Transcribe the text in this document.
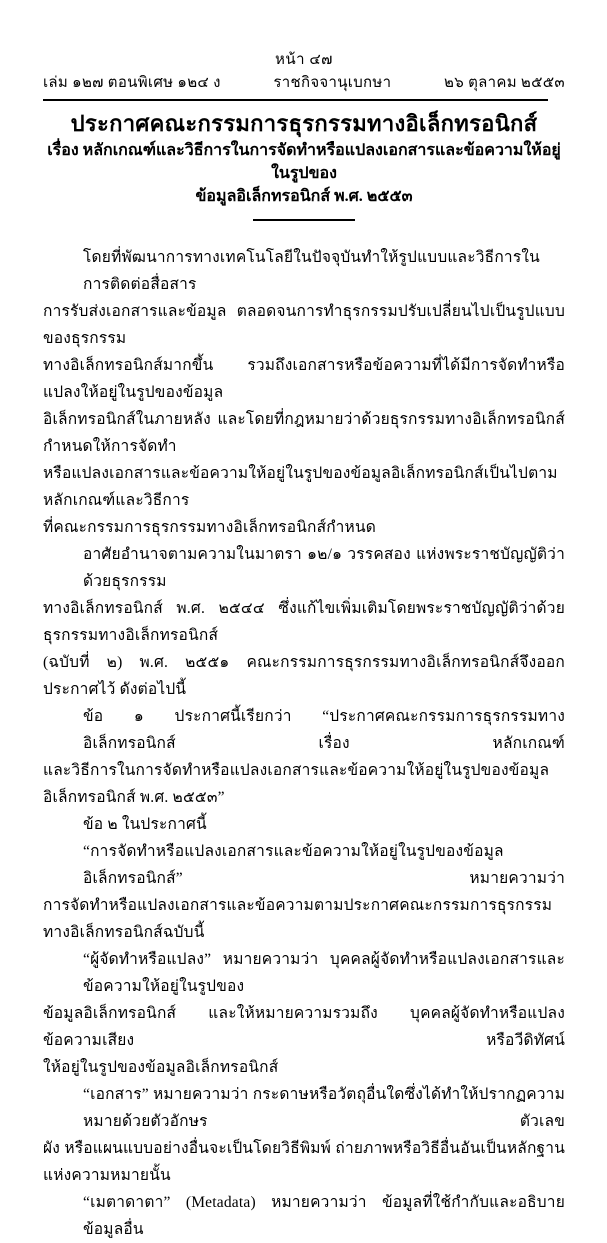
หน้า ๔๗
เล่ม ๑๒๗ ตอนพิเศษ ๑๒๔ ง	ราชกิจจานุเบกษา	๒๖ ตุลาคม ๒๕๕๓
ประกาศคณะกรรมการธุรกรรมทางอิเล็กทรอนิกส์
เรื่อง หลักเกณฑ์และวิธีการในการจัดทำหรือแปลงเอกสารและข้อความให้อยู่ในรูปของ
ข้อมูลอิเล็กทรอนิกส์ พ.ศ. ๒๕๕๓
โดยที่พัฒนาการทางเทคโนโลยีในปัจจุบันทำให้รูปแบบและวิธีการในการติดต่อสื่อสาร
การรับส่งเอกสารและข้อมูล ตลอดจนการทำธุรกรรมปรับเปลี่ยนไปเป็นรูปแบบของธุรกรรม
ทางอิเล็กทรอนิกส์มากขึ้น รวมถึงเอกสารหรือข้อความที่ได้มีการจัดทำหรือแปลงให้อยู่ในรูปของข้อมูล
อิเล็กทรอนิกส์ในภายหลัง และโดยที่กฎหมายว่าด้วยธุรกรรมทางอิเล็กทรอนิกส์กำหนดให้การจัดทำ
หรือแปลงเอกสารและข้อความให้อยู่ในรูปของข้อมูลอิเล็กทรอนิกส์เป็นไปตามหลักเกณฑ์และวิธีการ
ที่คณะกรรมการธุรกรรมทางอิเล็กทรอนิกส์กำหนด
อาศัยอำนาจตามความในมาตรา ๑๒/๑ วรรคสอง แห่งพระราชบัญญัติว่าด้วยธุรกรรม
ทางอิเล็กทรอนิกส์ พ.ศ. ๒๕๔๔ ซึ่งแก้ไขเพิ่มเติมโดยพระราชบัญญัติว่าด้วยธุรกรรมทางอิเล็กทรอนิกส์
(ฉบับที่ ๒) พ.ศ. ๒๕๕๑ คณะกรรมการธุรกรรมทางอิเล็กทรอนิกส์จึงออกประกาศไว้ ดังต่อไปนี้
ข้อ ๑ ประกาศนี้เรียกว่า “ประกาศคณะกรรมการธุรกรรมทางอิเล็กทรอนิกส์ เรื่อง หลักเกณฑ์
และวิธีการในการจัดทำหรือแปลงเอกสารและข้อความให้อยู่ในรูปของข้อมูลอิเล็กทรอนิกส์ พ.ศ. ๒๕๕๓”
ข้อ ๒ ในประกาศนี้
“การจัดทำหรือแปลงเอกสารและข้อความให้อยู่ในรูปของข้อมูลอิเล็กทรอนิกส์” หมายความว่า
การจัดทำหรือแปลงเอกสารและข้อความตามประกาศคณะกรรมการธุรกรรมทางอิเล็กทรอนิกส์ฉบับนี้
“ผู้จัดทำหรือแปลง” หมายความว่า บุคคลผู้จัดทำหรือแปลงเอกสารและข้อความให้อยู่ในรูปของ
ข้อมูลอิเล็กทรอนิกส์ และให้หมายความรวมถึง บุคคลผู้จัดทำหรือแปลงข้อความเสียง หรือวีดิทัศน์
ให้อยู่ในรูปของข้อมูลอิเล็กทรอนิกส์
“เอกสาร” หมายความว่า กระดาษหรือวัตถุอื่นใดซึ่งได้ทำให้ปรากฏความหมายด้วยตัวอักษร ตัวเลข
ผัง หรือแผนแบบอย่างอื่นจะเป็นโดยวิธีพิมพ์ ถ่ายภาพหรือวิธีอื่นอันเป็นหลักฐานแห่งความหมายนั้น
“เมตาดาตา” (Metadata) หมายความว่า ข้อมูลที่ใช้กำกับและอธิบายข้อมูลอื่น
